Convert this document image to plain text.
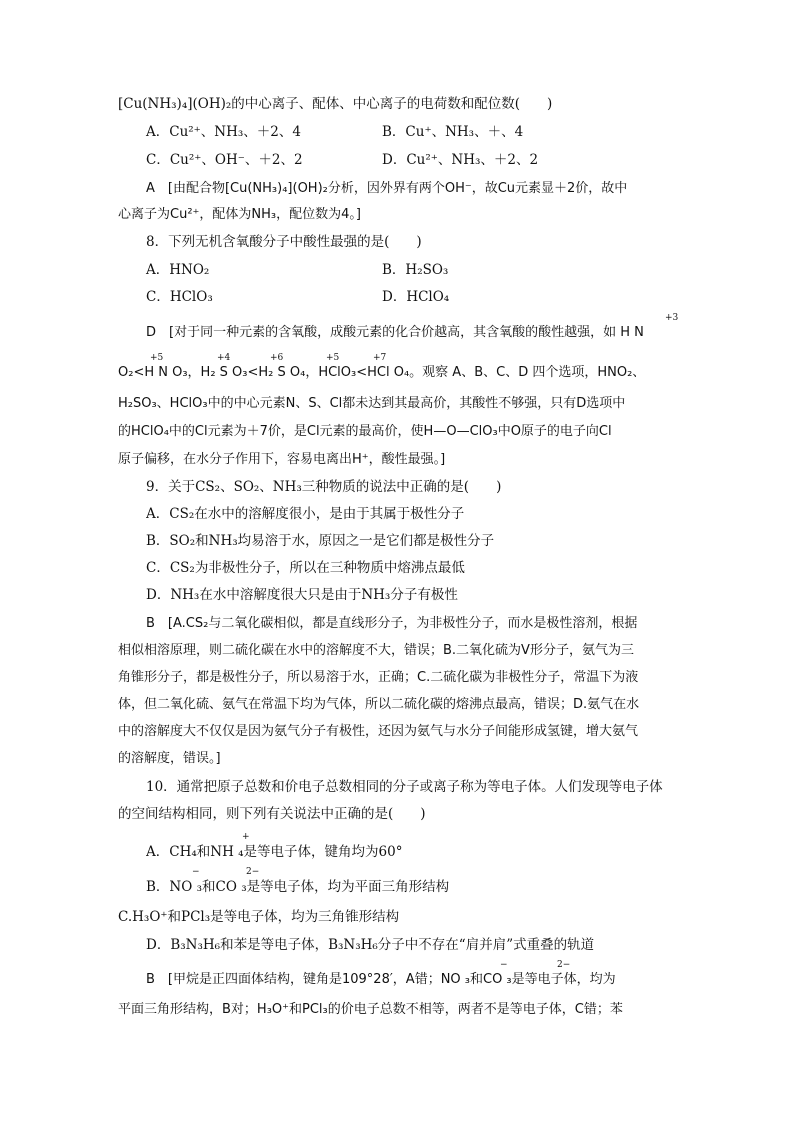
[Cu(NH₃)₄](OH)₂的中心离子、配体、中心离子的电荷数和配位数(　　)
A．Cu²⁺、NH₃、＋2、4	B．Cu⁺、NH₃、＋、4
C．Cu²⁺、OH⁻、＋2、2	D．Cu²⁺、NH₃、＋2、2
A　[由配合物[Cu(NH₃)₄](OH)₂分析，因外界有两个OH⁻，故Cu元素显＋2价，故中
心离子为Cu²⁺，配体为NH₃，配位数为4。]
8．下列无机含氧酸分子中酸性最强的是(　　)
A．HNO₂	B．H₂SO₃
C．HClO₃	D．HClO₄
+3
D　[对于同一种元素的含氧酸，成酸元素的化合价越高，其含氧酸的酸性越强，如 H N
+5	+4	+6	+5	+7
O₂<H N O₃，H₂ S O₃<H₂ S O₄，HClO₃<HCl O₄。观察 A、B、C、D 四个选项，HNO₂、
H₂SO₃、HClO₃中的中心元素N、S、Cl都未达到其最高价，其酸性不够强，只有D选项中
的HClO₄中的Cl元素为＋7价，是Cl元素的最高价，使H—O—ClO₃中O原子的电子向Cl
原子偏移，在水分子作用下，容易电离出H⁺，酸性最强。]
9．关于CS₂、SO₂、NH₃三种物质的说法中正确的是(　　)
A．CS₂在水中的溶解度很小，是由于其属于极性分子
B．SO₂和NH₃均易溶于水，原因之一是它们都是极性分子
C．CS₂为非极性分子，所以在三种物质中熔沸点最低
D．NH₃在水中溶解度很大只是由于NH₃分子有极性
B　[A.CS₂与二氧化碳相似，都是直线形分子，为非极性分子，而水是极性溶剂，根据
相似相溶原理，则二硫化碳在水中的溶解度不大，错误；B.二氧化硫为V形分子，氨气为三
角锥形分子，都是极性分子，所以易溶于水，正确；C.二硫化碳为非极性分子，常温下为液
体，但二氧化硫、氨气在常温下均为气体，所以二硫化碳的熔沸点最高，错误；D.氨气在水
中的溶解度大不仅仅是因为氨气分子有极性，还因为氨气与水分子间能形成氢键，增大氨气
的溶解度，错误。]
10．通常把原子总数和价电子总数相同的分子或离子称为等电子体。人们发现等电子体
的空间结构相同，则下列有关说法中正确的是(　　)
+
A．CH₄和NH ₄是等电子体，键角均为60°
−	2−
B．NO ₃和CO ₃是等电子体，均为平面三角形结构
C.H₃O⁺和PCl₃是等电子体，均为三角锥形结构
D．B₃N₃H₆和苯是等电子体，B₃N₃H₆分子中不存在“肩并肩”式重叠的轨道
−	2−
B　[甲烷是正四面体结构，键角是109°28′，A错；NO ₃和CO ₃是等电子体，均为
平面三角形结构，B对；H₃O⁺和PCl₃的价电子总数不相等，两者不是等电子体，C错；苯
